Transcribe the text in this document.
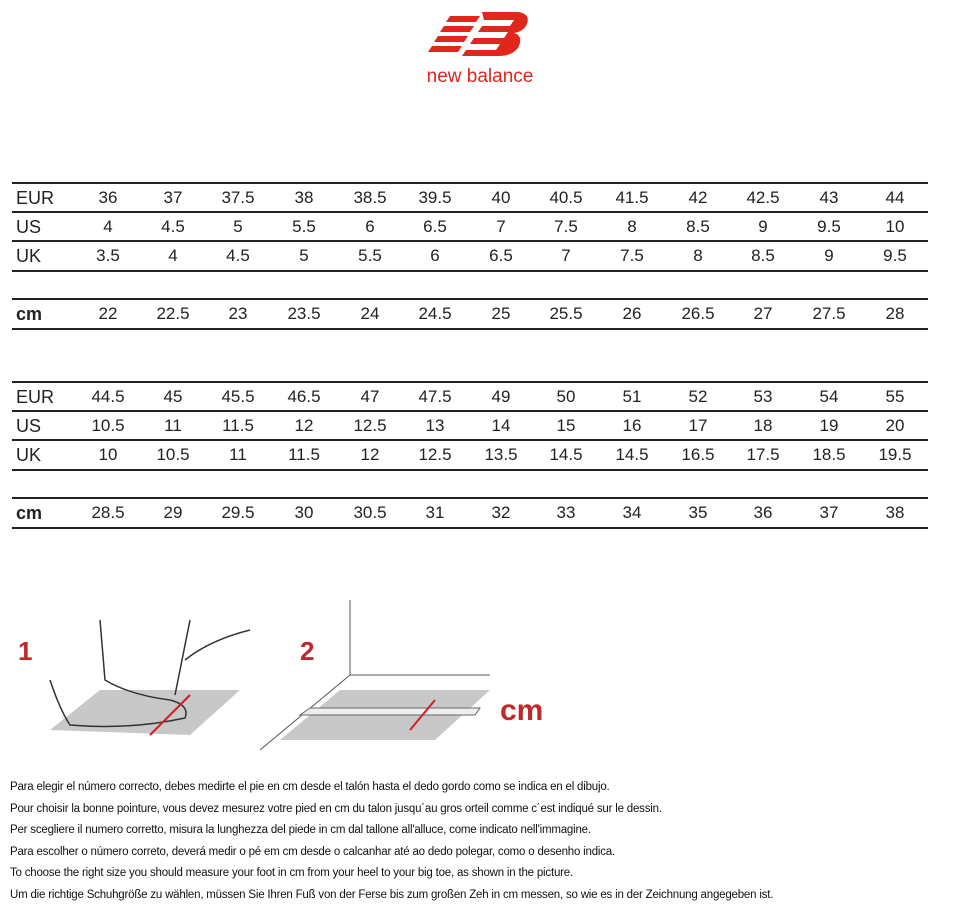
new balance
EUR	36	37	37.5	38	38.5	39.5	40	40.5	41.5	42	42.5	43	44
US	4	4.5	5	5.5	6	6.5	7	7.5	8	8.5	9	9.5	10
UK	3.5	4	4.5	5	5.5	6	6.5	7	7.5	8	8.5	9	9.5
cm	22	22.5	23	23.5	24	24.5	25	25.5	26	26.5	27	27.5	28
EUR	44.5	45	45.5	46.5	47	47.5	49	50	51	52	53	54	55
US	10.5	11	11.5	12	12.5	13	14	15	16	17	18	19	20
UK	10	10.5	11	11.5	12	12.5	13.5	14.5	14.5	16.5	17.5	18.5	19.5
cm	28.5	29	29.5	30	30.5	31	32	33	34	35	36	37	38
1	2
cm
Para elegir el número correcto, debes medirte el pie en cm desde el talón hasta el dedo gordo como se indica en el dibujo.
Pour choisir la bonne pointure, vous devez mesurez votre pied en cm du talon jusqu´au gros orteil comme c´est indiqué sur le dessin.
Per scegliere il numero corretto, misura la lunghezza del piede in cm dal tallone all'alluce, come indicato nell'immagine.
Para escolher o número correto, deverá medir o pé em cm desde o calcanhar até ao dedo polegar, como o desenho indica.
To choose the right size you should measure your foot in cm from your heel to your big toe, as shown in the picture.
Um die richtige Schuhgröße zu wählen, müssen Sie Ihren Fuß von der Ferse bis zum großen Zeh in cm messen, so wie es in der Zeichnung angegeben ist.
